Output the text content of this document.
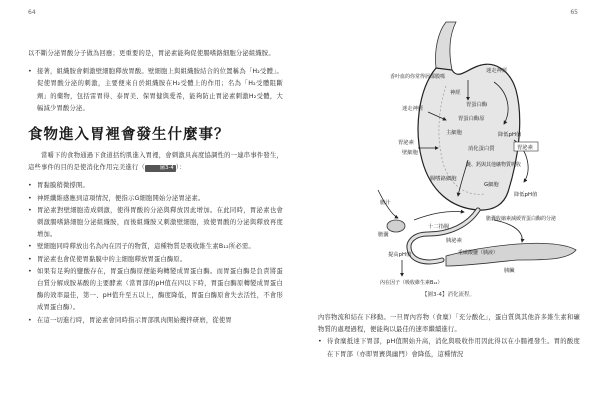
64	65

以不斷分泌胃酸分子做為回應；更重要的是，胃泌素能夠促使腸嗜鉻細胞分泌組織胺。

• 接著，組織胺會刺激壁細胞釋放胃酸。壁細胞上與組織胺結合的位置稱為「H₂受體」。促使胃酸分泌的刺激，主要便來自於組織胺在H₂受體上的作用；名為「H₂受體阻斷劑」的藥物，包括雷胃得、泰胃美、保胃健與愛希，能夠防止胃泌素刺激H₂受體，大幅減少胃酸分泌。

食物進入胃裡會發生什麼事？

當嚼下的食物通過下食道括約肌進入胃裡，會刺激具高度協調性的一連串事件發生，這些事件的目的是使消化作用完美進行（	圖3-4 ）：

• 胃黏膜稍微撐開。

• 神經纖維感應到這項情況，便指示G細胞開始分泌胃泌素。

• 胃泌素對壁細胞造成刺激，使得胃酸的分泌與釋放因此增加。在此同時，胃泌素也會刺激腸嗜鉻細胞分泌組織胺，而後組織胺又刺激壁細胞，致使胃酸的分泌與釋放再度增加。

• 壁細胞同時釋放出名為內在因子的物質，這種物質是吸收維生素B₁₂所必需。

• 胃泌素也會促使胃黏膜中的主細胞釋放胃蛋白酶原。

• 如果有足夠的鹽酸存在，胃蛋白酶原便能夠轉變成胃蛋白酶。而胃蛋白酶是負責將蛋白質分解成胺基酸的主要酵素（當胃部的pH值在四以下時，胃蛋白酶原轉變成胃蛋白酶的效率最佳，第一、pH值升至五以上，酶度降低，胃蛋白酶原會失去活性，不會形成胃蛋白酶）。

• 在這一切進行時，胃泌素會同時指示胃部肌肉開始攪拌研磨，從使胃

香叶血的你常得屑都膜嗎
迷走神經
神經
胃蛋白酶
胃蛋白酶原
迷走神經
主細胞	降低pH值
胃泌素
消化蛋白質
鏈、鈣與其他礦物質吸收
胃泌素
壁細胞
腸嗜鉻細胞
降低pH值
G細胞
十二指腸
膽囊收縮素減緩胃蛋白酶的分泌
膽汁
胰泌素
膽囊
胰臟
重碳酸鹽（胰液）
內在因子（吸收維生素B₁₂）
提高pH值
【圖3-4】消化流程。

內容物流和結在下移動。一旦胃內容物（食糜）「充分酸化」，蛋白質與其他許多維生素和礦物質的處理過程，便能夠以最佳的速率繼續進行。

• 待食糜抵達下胃部，pH值開始升高，消化與吸收作用因此得以在小腸裡發生。胃的酸度在下胃部（亦即胃竇與幽門）會降低，這種情況
